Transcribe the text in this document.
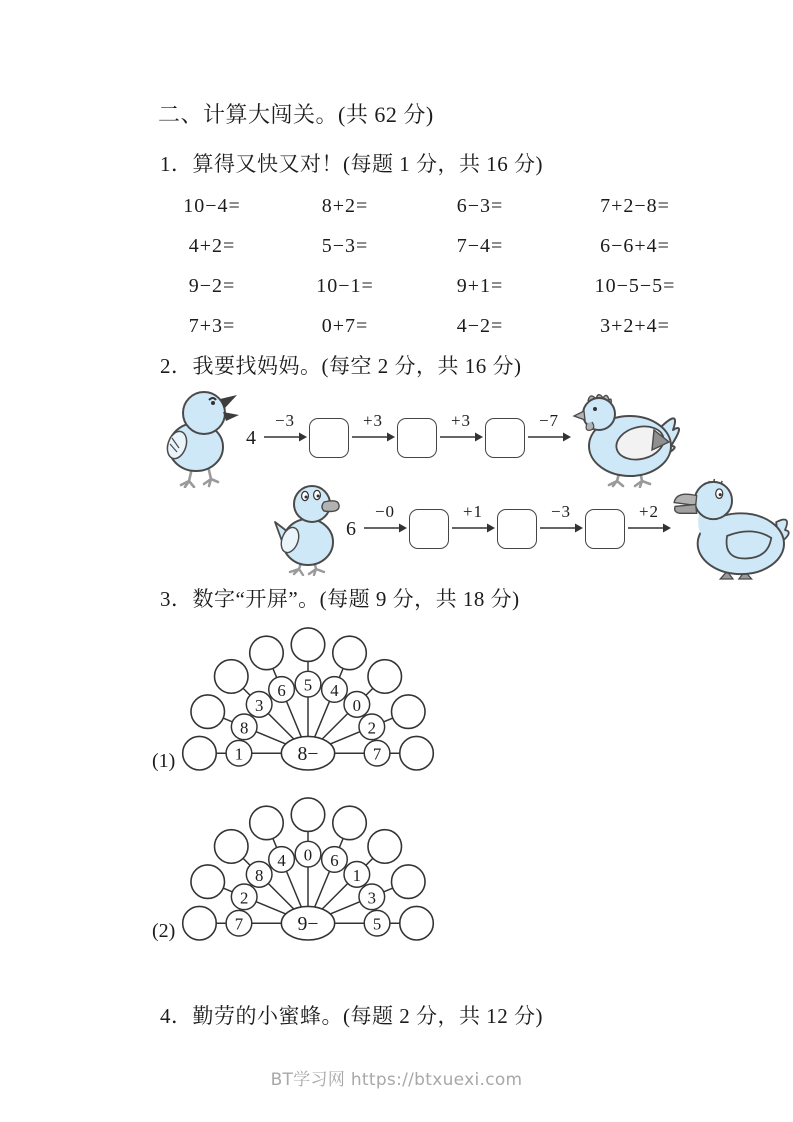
二、计算大闯关。(共 62 分)
1．算得又快又对！(每题 1 分，共 16 分)
10−4=	8+2=	6−3=	7+2−8=
4+2=	5−3=	7−4=	6−6+4=
9−2=	10−1=	9+1=	10−5−5=
7+3=	0+7=	4−2=	3+2+4=
2．我要找妈妈。(每空 2 分，共 16 分)
4
−3	+3	+3	−7
6
−0	+1	−3	+2
3．数字“开屏”。(每题 9 分，共 18 分)
1
8
3
6 5 4
0
2
7
8−
(1)
7
2
8
4 0 6
1
3
5
9−
(2)
4．勤劳的小蜜蜂。(每题 2 分，共 12 分)
BT学习网 https://btxuexi.com
